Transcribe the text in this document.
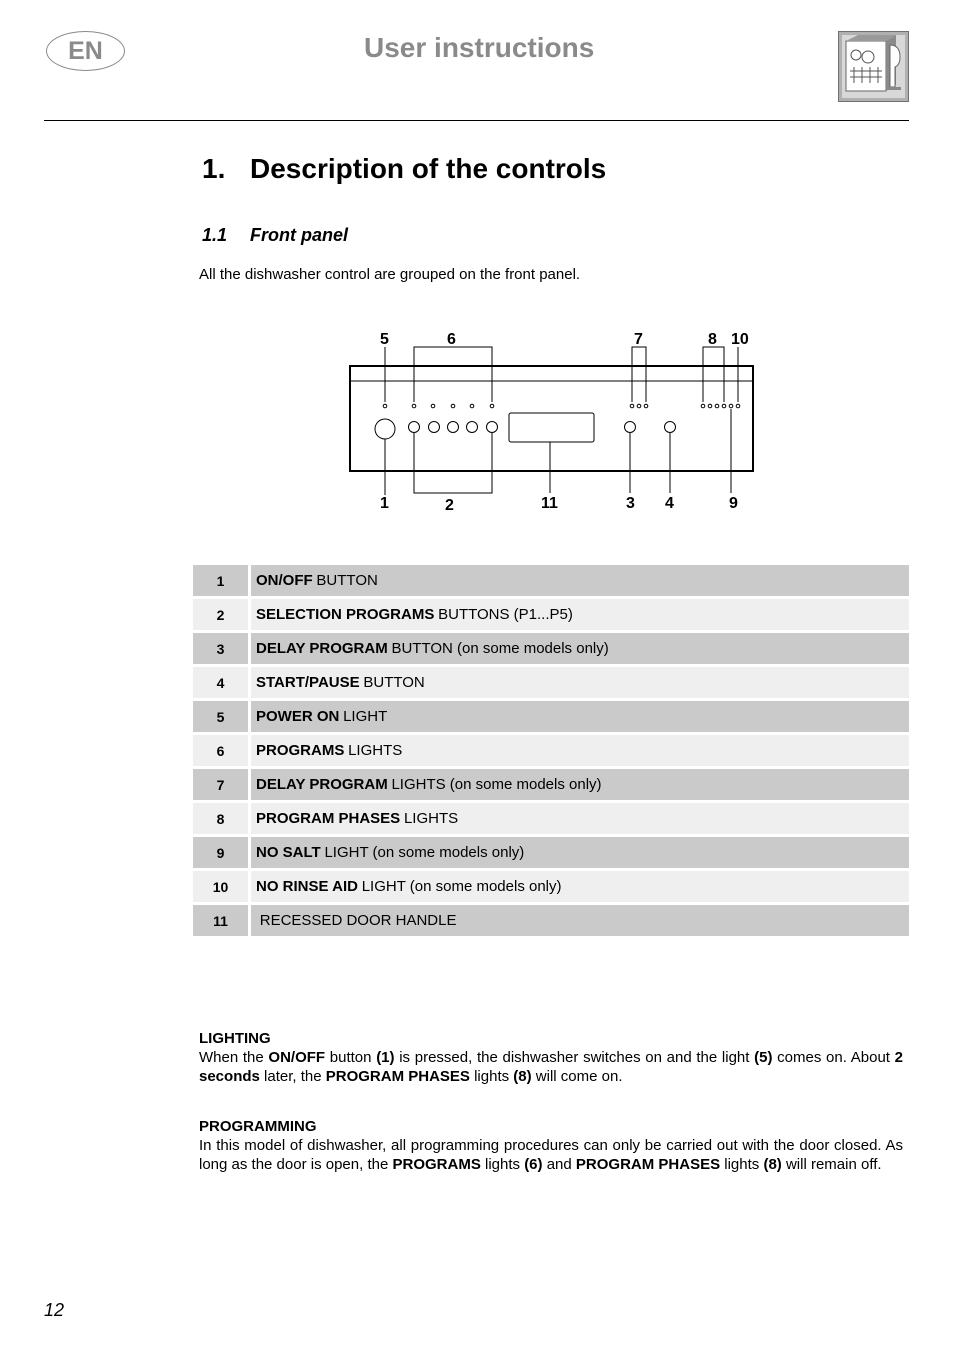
EN	User instructions
1. Description of the controls
1.1 Front panel
All the dishwasher control are grouped on the front panel.
5	6	7	8 10
1	2	11	3 4	9
1	ON/OFF BUTTON
2	SELECTION PROGRAMS BUTTONS (P1...P5)
3	DELAY PROGRAM BUTTON (on some models only)
4	START/PAUSE BUTTON
5	POWER ON LIGHT
6	PROGRAMS LIGHTS
7	DELAY PROGRAM LIGHTS (on some models only)
8	PROGRAM PHASES LIGHTS
9	NO SALT LIGHT (on some models only)
10	NO RINSE AID LIGHT (on some models only)
11	RECESSED DOOR HANDLE
LIGHTING
When the ON/OFF button (1) is pressed, the dishwasher switches on and the light (5) comes on. About 2 seconds later, the PROGRAM PHASES lights (8) will come on.
PROGRAMMING
In this model of dishwasher, all programming procedures can only be carried out with the door closed. As long as the door is open, the PROGRAMS lights (6) and PROGRAM PHASES lights (8) will remain off.
12
